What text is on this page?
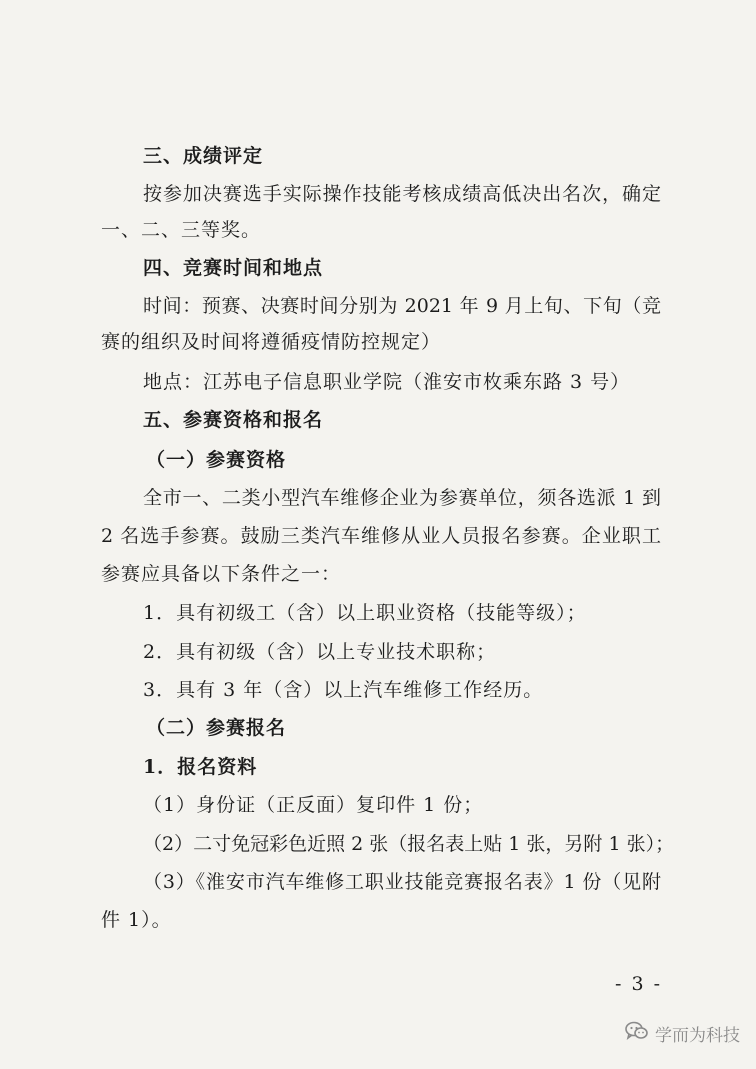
三、成绩评定
按参加决赛选手实际操作技能考核成绩高低决出名次，确定
一、二、三等奖。
四、竞赛时间和地点
时间：预赛、决赛时间分别为 2021 年 9 月上旬、下旬（竞
赛的组织及时间将遵循疫情防控规定）
地点：江苏电子信息职业学院（淮安市枚乘东路 3 号）
五、参赛资格和报名
（一）参赛资格
全市一、二类小型汽车维修企业为参赛单位，须各选派 1 到
2 名选手参赛。鼓励三类汽车维修从业人员报名参赛。企业职工
参赛应具备以下条件之一：
1．具有初级工（含）以上职业资格（技能等级）；
2．具有初级（含）以上专业技术职称；
3．具有 3 年（含）以上汽车维修工作经历。
（二）参赛报名
1．报名资料
（1）身份证（正反面）复印件 1 份；
（2）二寸免冠彩色近照 2 张（报名表上贴 1 张，另附 1 张）；
（3）《淮安市汽车维修工职业技能竞赛报名表》1 份（见附
件 1）。
- 3 -
学而为科技
